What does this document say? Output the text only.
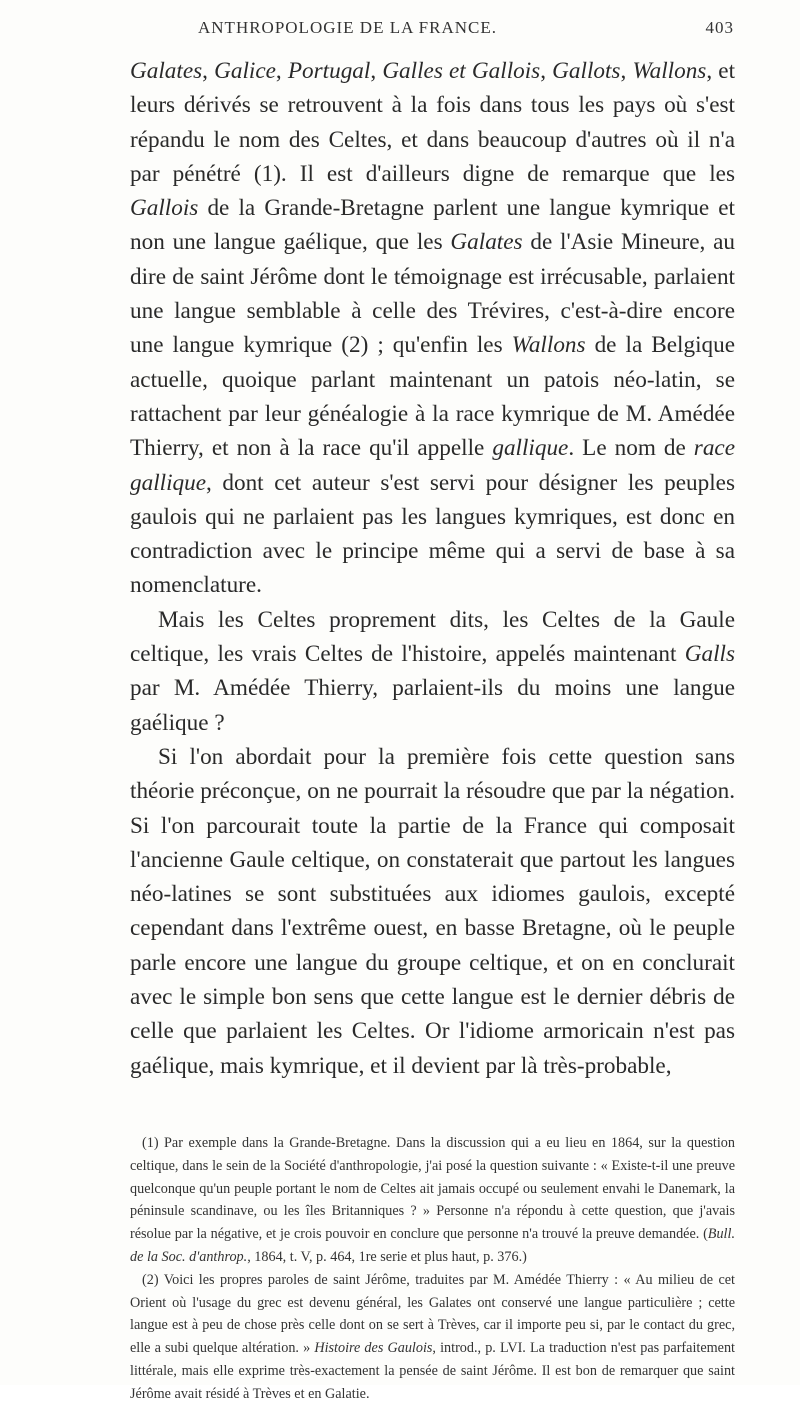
ANTHROPOLOGIE DE LA FRANCE.	403

Galates, Galice, Portugal, Galles et Gallois, Gallots, Wallons, et leurs dérivés se retrouvent à la fois dans tous les pays où s'est répandu le nom des Celtes, et dans beaucoup d'autres où il n'a par pénétré (1). Il est d'ailleurs digne de remarque que les Gallois de la Grande-Bretagne parlent une langue kymrique et non une langue gaélique, que les Galates de l'Asie Mineure, au dire de saint Jérôme dont le témoignage est irrécusable, parlaient une langue semblable à celle des Trévires, c'est-à-dire encore une langue kymrique (2) ; qu'enfin les Wallons de la Belgique actuelle, quoique parlant maintenant un patois néo-latin, se rattachent par leur généalogie à la race kymrique de M. Amédée Thierry, et non à la race qu'il appelle gallique. Le nom de race gallique, dont cet auteur s'est servi pour désigner les peuples gaulois qui ne parlaient pas les langues kymriques, est donc en contradiction avec le principe même qui a servi de base à sa nomenclature.

Mais les Celtes proprement dits, les Celtes de la Gaule celtique, les vrais Celtes de l'histoire, appelés maintenant Galls par M. Amédée Thierry, parlaient-ils du moins une langue gaélique ?

Si l'on abordait pour la première fois cette question sans théorie préconçue, on ne pourrait la résoudre que par la négation. Si l'on parcourait toute la partie de la France qui composait l'ancienne Gaule celtique, on constaterait que partout les langues néo-latines se sont substituées aux idiomes gaulois, excepté cependant dans l'extrême ouest, en basse Bretagne, où le peuple parle encore une langue du groupe celtique, et on en conclurait avec le simple bon sens que cette langue est le dernier débris de celle que parlaient les Celtes. Or l'idiome armoricain n'est pas gaélique, mais kymrique, et il devient par là très-probable,

(1) Par exemple dans la Grande-Bretagne. Dans la discussion qui a eu lieu en 1864, sur la question celtique, dans le sein de la Société d'anthropologie, j'ai posé la question suivante : « Existe-t-il une preuve quelconque qu'un peuple portant le nom de Celtes ait jamais occupé ou seulement envahi le Danemark, la péninsule scandinave, ou les îles Britanniques ? » Personne n'a répondu à cette question, que j'avais résolue par la négative, et je crois pouvoir en conclure que personne n'a trouvé la preuve demandée. (Bull. de la Soc. d'anthrop., 1864, t. V, p. 464, 1re serie et plus haut, p. 376.)

(2) Voici les propres paroles de saint Jérôme, traduites par M. Amédée Thierry : « Au milieu de cet Orient où l'usage du grec est devenu général, les Galates ont conservé une langue particulière ; cette langue est à peu de chose près celle dont on se sert à Trèves, car il importe peu si, par le contact du grec, elle a subi quelque altération. » Histoire des Gaulois, introd., p. LVI. La traduction n'est pas parfaitement littérale, mais elle exprime très-exactement la pensée de saint Jérôme. Il est bon de remarquer que saint Jérôme avait résidé à Trèves et en Galatie.
